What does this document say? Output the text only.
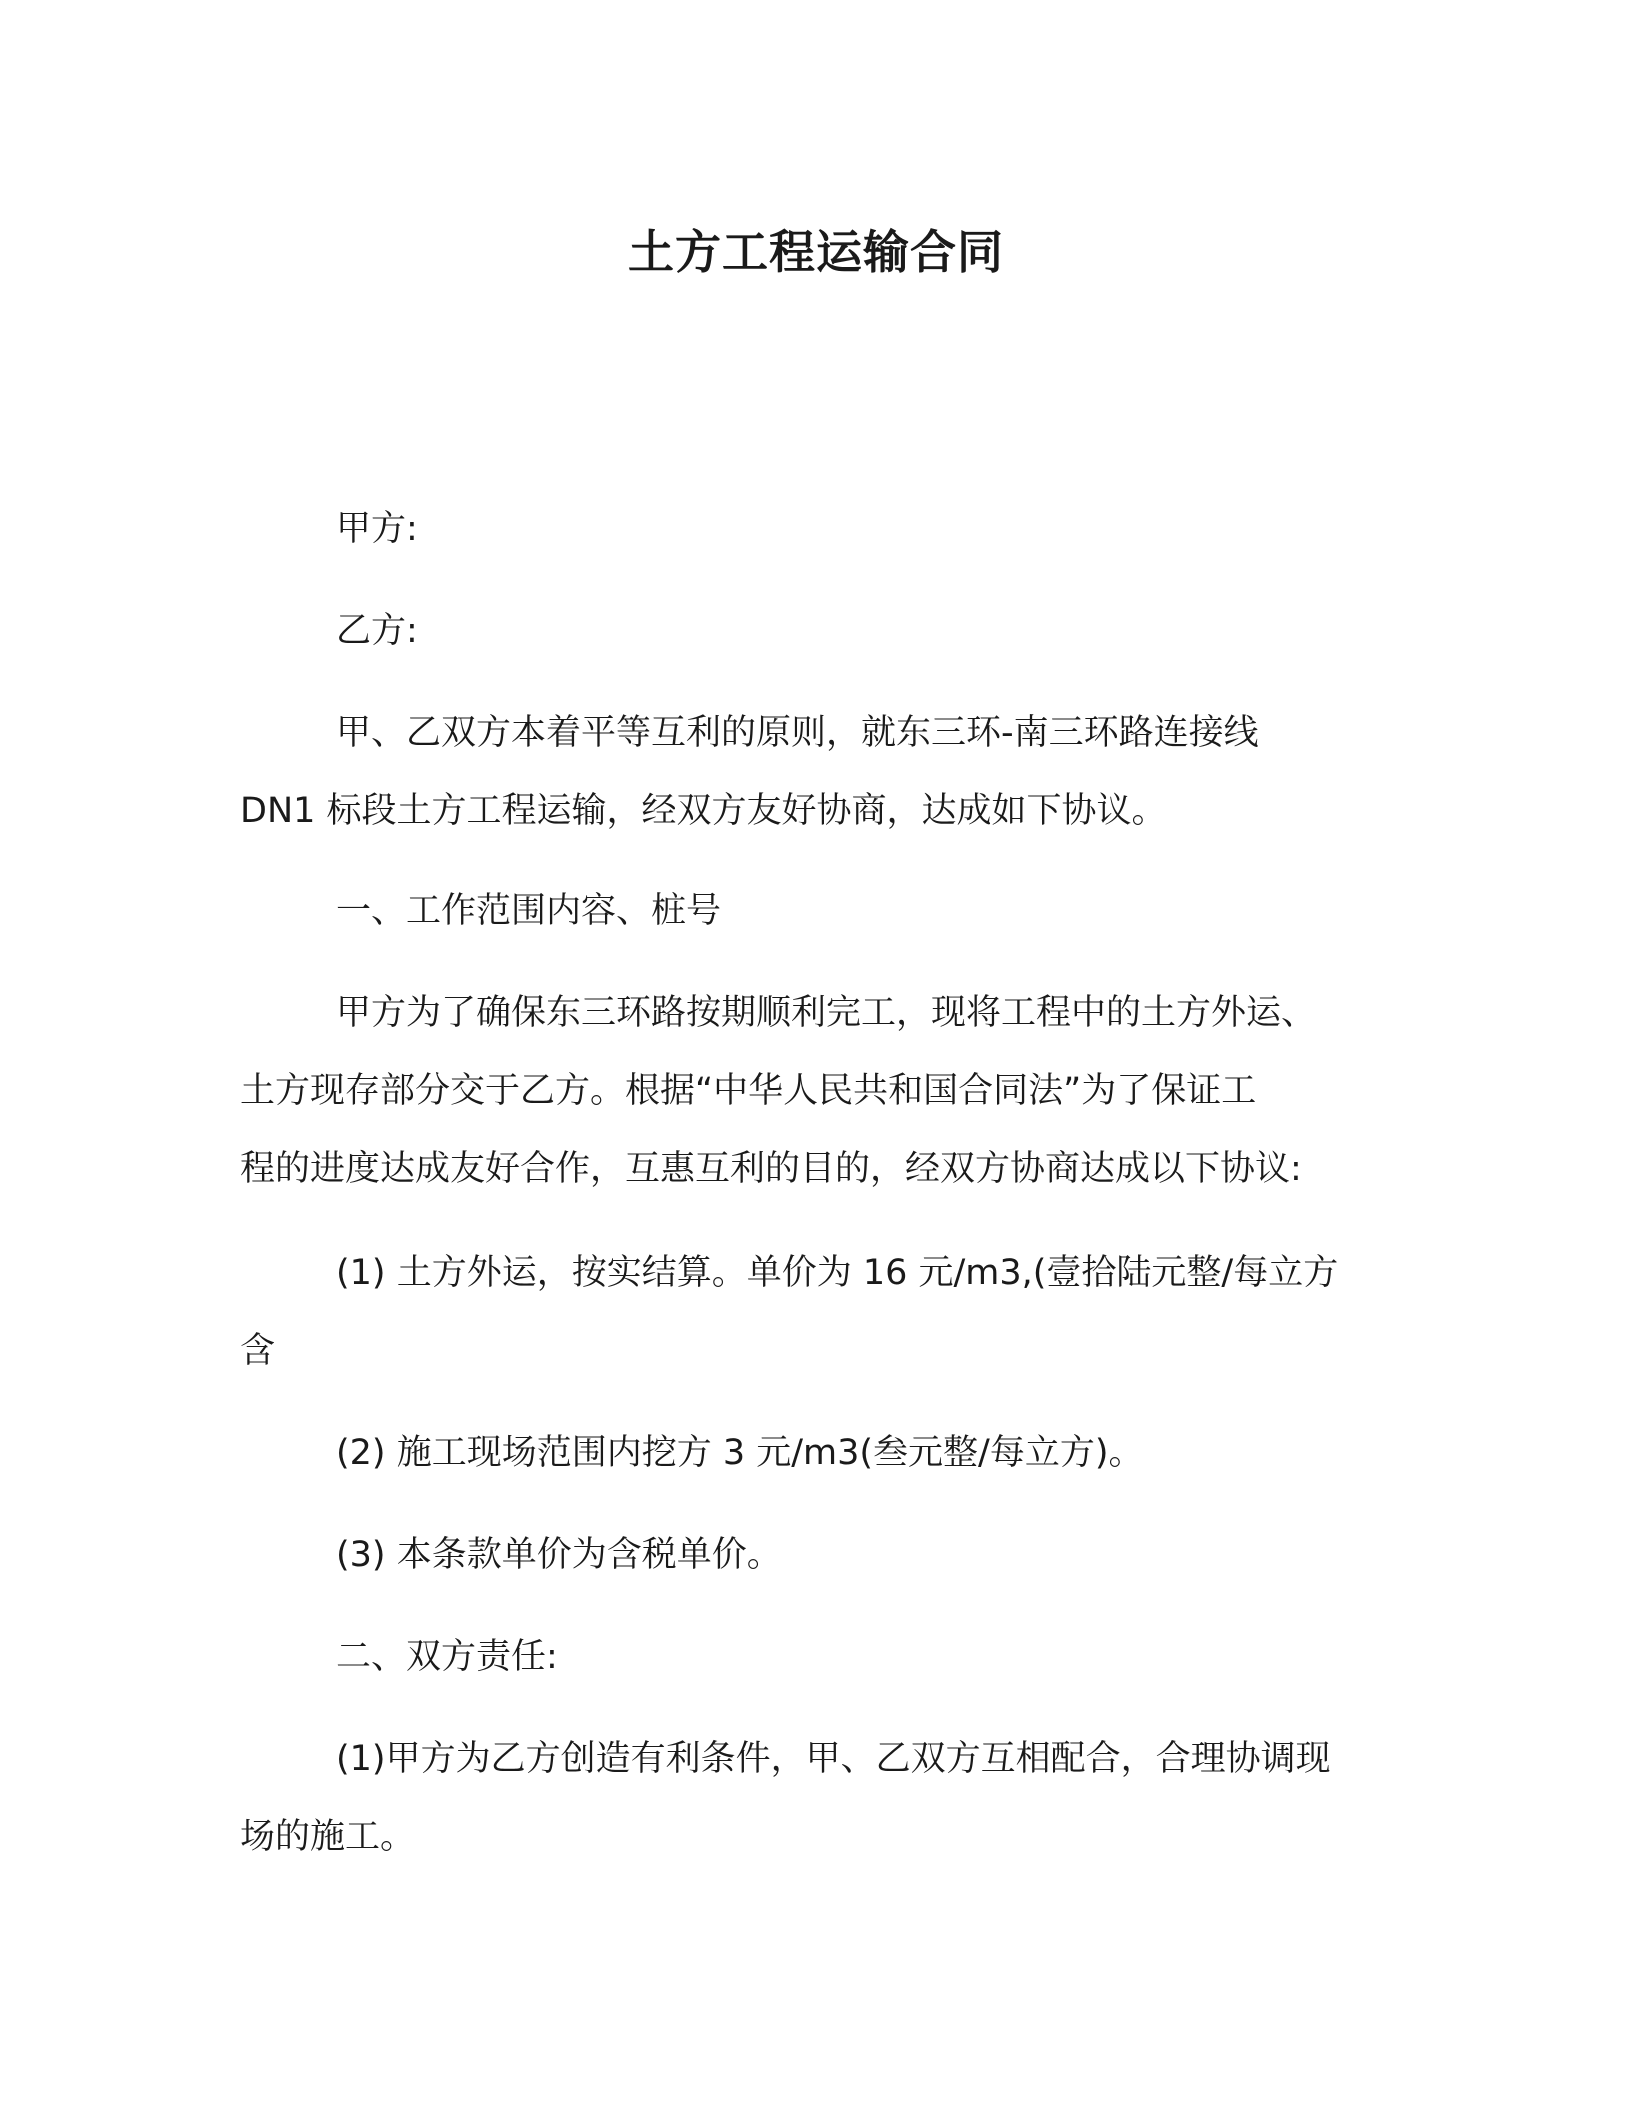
土方工程运输合同

甲方:

乙方:

甲、乙双方本着平等互利的原则，就东三环-南三环路连接线
DN1 标段土方工程运输，经双方友好协商，达成如下协议。

一、工作范围内容、桩号

甲方为了确保东三环路按期顺利完工，现将工程中的土方外运、
土方现存部分交于乙方。根据“中华人民共和国合同法”为了保证工
程的进度达成友好合作，互惠互利的目的，经双方协商达成以下协议:

(1) 土方外运，按实结算。单价为 16 元/m3,(壹拾陆元整/每立方
含

(2) 施工现场范围内挖方 3 元/m3(叁元整/每立方)。

(3) 本条款单价为含税单价。

二、双方责任:

(1)甲方为乙方创造有利条件，甲、乙双方互相配合，合理协调现
场的施工。
